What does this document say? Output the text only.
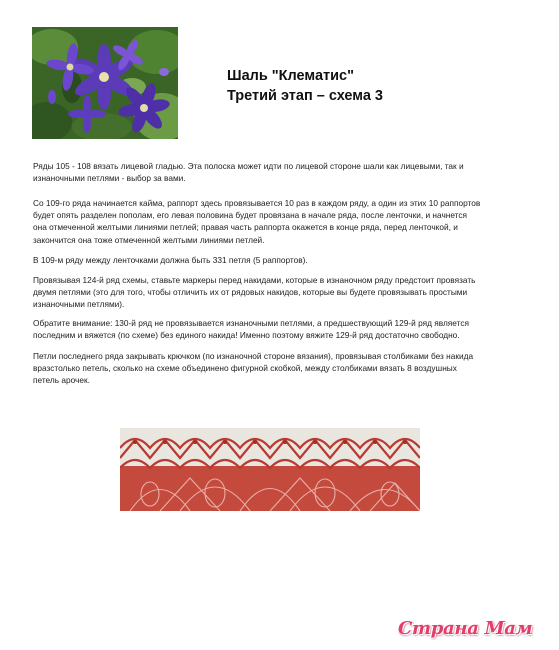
Шаль "Клематис"
Третий этап – схема 3
Ряды 105 - 108 вязать лицевой гладью. Эта полоска может идти по лицевой стороне шали как лицевыми, так и изнаночными петлями - выбор за вами.
Со 109-го ряда начинается кайма, раппорт здесь провязывается 10 раз в каждом ряду, а один из этих 10 раппортов будет опять разделен пополам, его левая половина будет провязана в начале ряда, после ленточки, и начнется она отмеченной желтыми линиями петлей; правая часть раппорта окажется в конце ряда, перед ленточкой, и закончится она тоже отмеченной желтыми линиями петлей.
В 109-м ряду между ленточками должна быть 331 петля (5 раппортов).
Провязывая 124-й ряд схемы, ставьте маркеры перед накидами, которые в изнаночном ряду предстоит провязать двумя петлями (это для того, чтобы отличить их от рядовых накидов, которые вы будете провязывать простыми изнаночными петлями).
Обратите внимание: 130-й ряд не провязывается изнаночными петлями, а предшествующий 129-й ряд является последним и вяжется (по схеме) без единого накида! Именно поэтому вяжите 129-й ряд достаточно свободно.
Петли последнего ряда закрывать крючком (по изнаночной стороне вязания), провязывая столбиками без накида вразстолько петель, сколько на схеме объединено фигурной скобкой, между столбиками вязать 8 воздушных петель арочек.
Страна Мам
